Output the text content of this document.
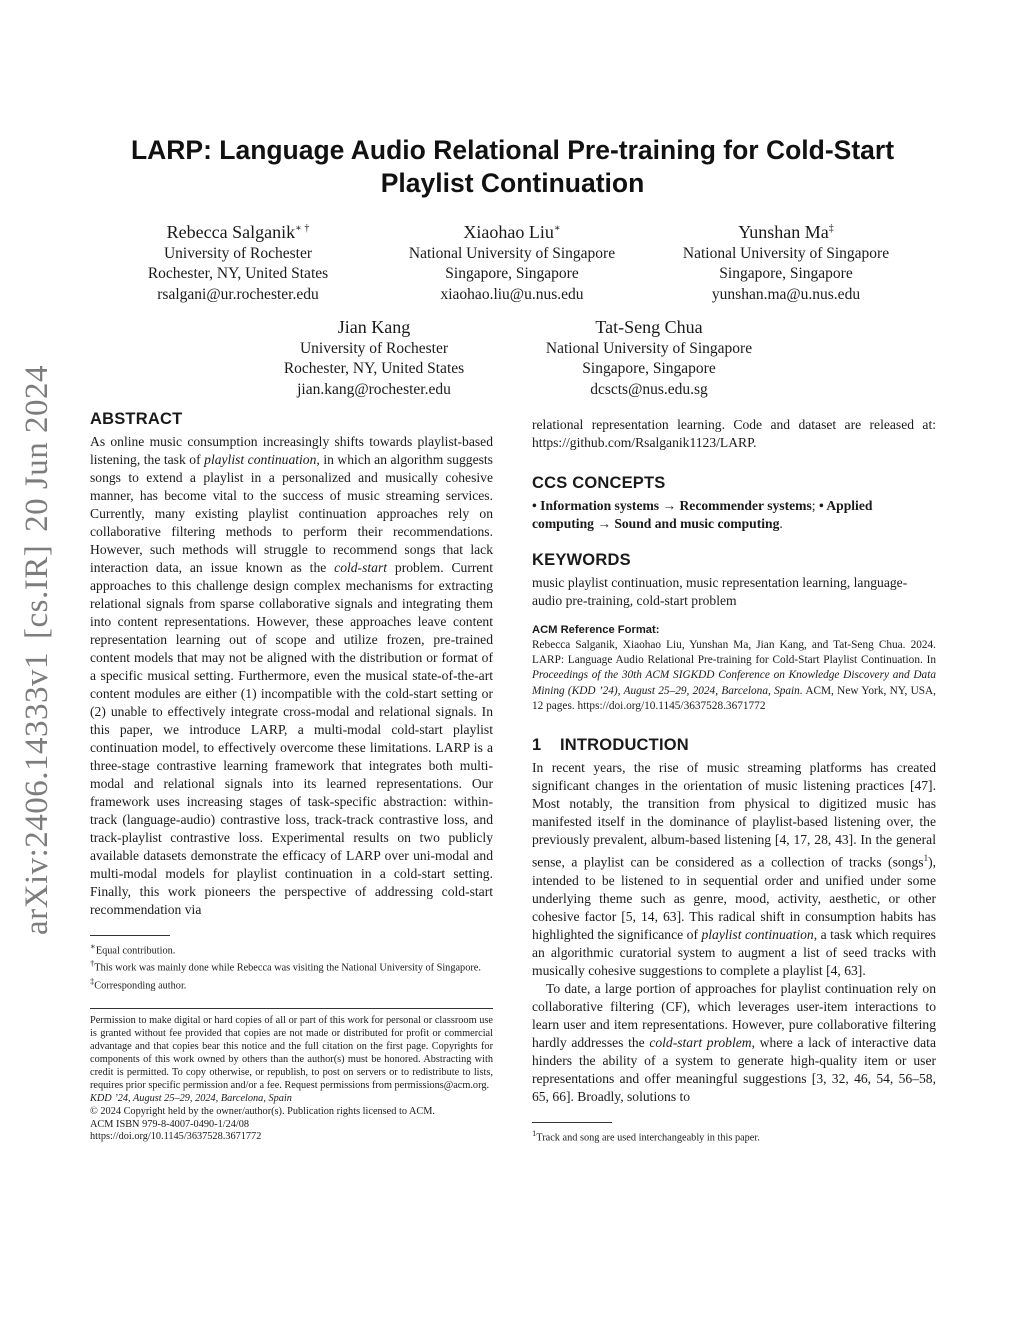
arXiv:2406.14333v1
[cs.IR]
20 Jun 2024
LARP: Language Audio Relational Pre-training for Cold-Start Playlist Continuation
Rebecca Salganik∗ †
University of Rochester
Rochester, NY, United States
rsalgani@ur.rochester.edu
Xiaohao Liu∗
National University of Singapore
Singapore, Singapore
xiaohao.liu@u.nus.edu
Yunshan Ma‡
National University of Singapore
Singapore, Singapore
yunshan.ma@u.nus.edu
Jian Kang
University of Rochester
Rochester, NY, United States
jian.kang@rochester.edu
Tat-Seng Chua
National University of Singapore
Singapore, Singapore
dcscts@nus.edu.sg
ABSTRACT

As online music consumption increasingly shifts towards playlist-based listening, the task of playlist continuation, in which an algorithm suggests songs to extend a playlist in a personalized and musically cohesive manner, has become vital to the success of music streaming services. Currently, many existing playlist continuation approaches rely on collaborative filtering methods to perform their recommendations. However, such methods will struggle to recommend songs that lack interaction data, an issue known as the cold-start problem. Current approaches to this challenge design complex mechanisms for extracting relational signals from sparse collaborative signals and integrating them into content representations. However, these approaches leave content representation learning out of scope and utilize frozen, pre-trained content models that may not be aligned with the distribution or format of a specific musical setting. Furthermore, even the musical state-of-the-art content modules are either (1) incompatible with the cold-start setting or (2) unable to effectively integrate cross-modal and relational signals. In this paper, we introduce LARP, a multi-modal cold-start playlist continuation model, to effectively overcome these limitations. LARP is a three-stage contrastive learning framework that integrates both multi-modal and relational signals into its learned representations. Our framework uses increasing stages of task-specific abstraction: within-track (language-audio) contrastive loss, track-track contrastive loss, and track-playlist contrastive loss. Experimental results on two publicly available datasets demonstrate the efficacy of LARP over uni-modal and multi-modal models for playlist continuation in a cold-start setting. Finally, this work pioneers the perspective of addressing cold-start recommendation via

∗Equal contribution.

†This work was mainly done while Rebecca was visiting the National University of Singapore.

‡Corresponding author.

Permission to make digital or hard copies of all or part of this work for personal or classroom use is granted without fee provided that copies are not made or distributed for profit or commercial advantage and that copies bear this notice and the full citation on the first page. Copyrights for components of this work owned by others than the author(s) must be honored. Abstracting with credit is permitted. To copy otherwise, or republish, to post on servers or to redistribute to lists, requires prior specific permission and/or a fee. Request permissions from permissions@acm.org.

KDD ’24, August 25–29, 2024, Barcelona, Spain

© 2024 Copyright held by the owner/author(s). Publication rights licensed to ACM.

ACM ISBN 979-8-4007-0490-1/24/08

https://doi.org/10.1145/3637528.3671772

relational representation learning. Code and dataset are released at: https://github.com/Rsalganik1123/LARP.

CCS CONCEPTS

• Information systems → Recommender systems; • Applied computing → Sound and music computing.

KEYWORDS

music playlist continuation, music representation learning, language-audio pre-training, cold-start problem

ACM Reference Format:

Rebecca Salganik, Xiaohao Liu, Yunshan Ma, Jian Kang, and Tat-Seng Chua. 2024. LARP: Language Audio Relational Pre-training for Cold-Start Playlist Continuation. In Proceedings of the 30th ACM SIGKDD Conference on Knowledge Discovery and Data Mining (KDD ’24), August 25–29, 2024, Barcelona, Spain. ACM, New York, NY, USA, 12 pages. https://doi.org/10.1145/3637528.3671772

1 INTRODUCTION

In recent years, the rise of music streaming platforms has created significant changes in the orientation of music listening practices [47]. Most notably, the transition from physical to digitized music has manifested itself in the dominance of playlist-based listening over, the previously prevalent, album-based listening [4, 17, 28, 43]. In the general sense, a playlist can be considered as a collection of tracks (songs$^1$), intended to be listened to in sequential order and unified under some underlying theme such as genre, mood, activity, aesthetic, or other cohesive factor [5, 14, 63]. This radical shift in consumption habits has highlighted the significance of playlist continuation, a task which requires an algorithmic curatorial system to augment a list of seed tracks with musically cohesive suggestions to complete a playlist [4, 63].

To date, a large portion of approaches for playlist continuation rely on collaborative filtering (CF), which leverages user-item interactions to learn user and item representations. However, pure collaborative filtering hardly addresses the cold-start problem, where a lack of interactive data hinders the ability of a system to generate high-quality item or user representations and offer meaningful suggestions [3, 32, 46, 54, 56–58, 65, 66]. Broadly, solutions to

$^1$Track and song are used interchangeably in this paper.
